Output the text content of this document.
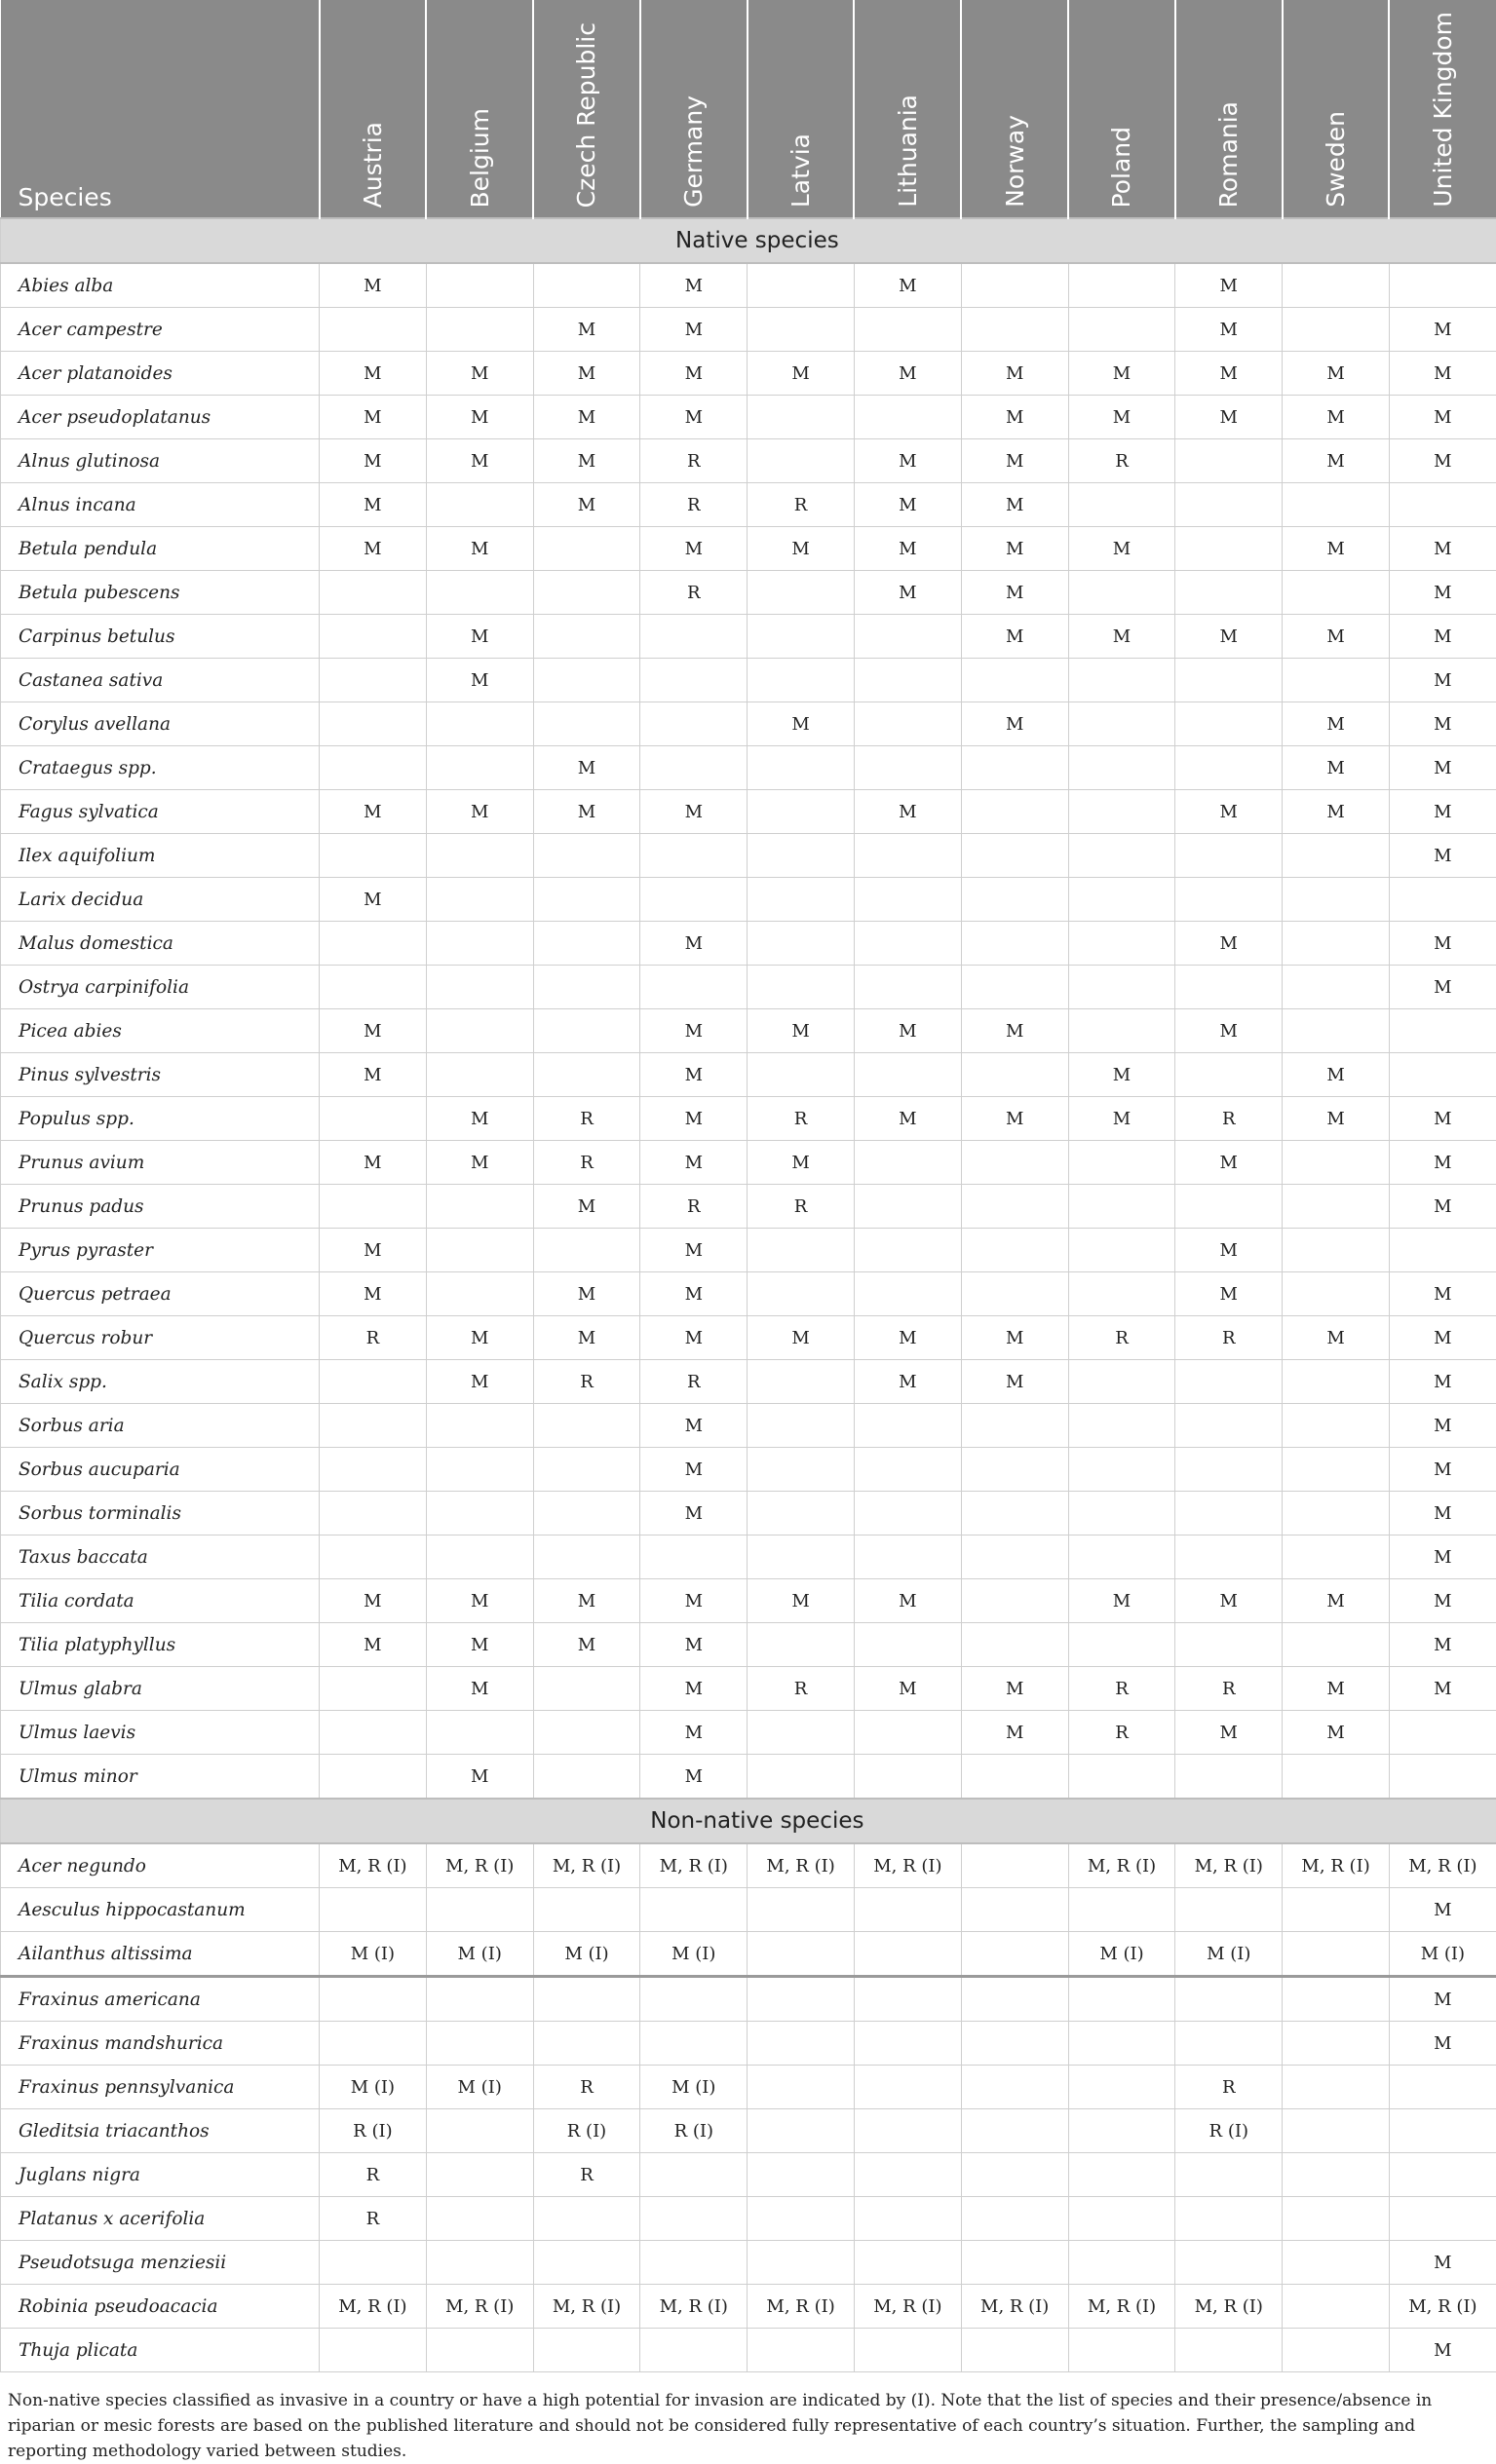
Species	Austria	Belgium	Czech Republic	Germany	Latvia	Lithuania	Norway	Poland	Romania	Sweden	United Kingdom

Native species											
Abies alba	M			M		M			M		
Acer campestre			M	M					M		M
Acer platanoides	M	M	M	M	M	M	M	M	M	M	M
Acer pseudoplatanus	M	M	M	M			M	M	M	M	M
Alnus glutinosa	M	M	M	R		M	M	R		M	M
Alnus incana	M		M	R	R	M	M				
Betula pendula	M	M		M	M	M	M	M		M	M
Betula pubescens				R		M	M				M
Carpinus betulus		M					M	M	M	M	M
Castanea sativa		M									M
Corylus avellana					M		M			M	M
Crataegus spp.			M							M	M
Fagus sylvatica	M	M	M	M		M			M	M	M
Ilex aquifolium											M
Larix decidua	M										
Malus domestica				M					M		M
Ostrya carpinifolia											M
Picea abies	M			M	M	M	M		M		
Pinus sylvestris	M			M				M		M	
Populus spp.		M	R	M	R	M	M	M	R	M	M
Prunus avium	M	M	R	M	M				M		M
Prunus padus			M	R	R						M
Pyrus pyraster	M			M					M		
Quercus petraea	M		M	M					M		M
Quercus robur	R	M	M	M	M	M	M	R	R	M	M
Salix spp.		M	R	R		M	M				M
Sorbus aria				M							M
Sorbus aucuparia				M							M
Sorbus torminalis				M							M
Taxus baccata											M
Tilia cordata	M	M	M	M	M	M		M	M	M	M
Tilia platyphyllus	M	M	M	M							M
Ulmus glabra		M		M	R	M	M	R	R	M	M
Ulmus laevis				M			M	R	M	M	
Ulmus minor		M		M							
Non-native species											
Acer negundo	M, R (I)	M, R (I)	M, R (I)	M, R (I)	M, R (I)	M, R (I)		M, R (I)	M, R (I)	M, R (I)	M, R (I)
Aesculus hippocastanum											M
Ailanthus altissima	M (I)	M (I)	M (I)	M (I)				M (I)	M (I)		M (I)
Fraxinus americana											M
Fraxinus mandshurica											M
Fraxinus pennsylvanica	M (I)	M (I)	R	M (I)					R		
Gleditsia triacanthos	R (I)		R (I)	R (I)					R (I)		
Juglans nigra	R		R								
Platanus x acerifolia	R										
Pseudotsuga menziesii											M
Robinia pseudoacacia	M, R (I)	M, R (I)	M, R (I)	M, R (I)	M, R (I)	M, R (I)	M, R (I)	M, R (I)	M, R (I)		M, R (I)
Thuja plicata											M
Non-native species classified as invasive in a country or have a high potential for invasion are indicated by (I). Note that the list of species and their presence/absence in riparian or mesic forests are based on the published literature and should not be considered fully representative of each country’s situation. Further, the sampling and reporting methodology varied between studies.
